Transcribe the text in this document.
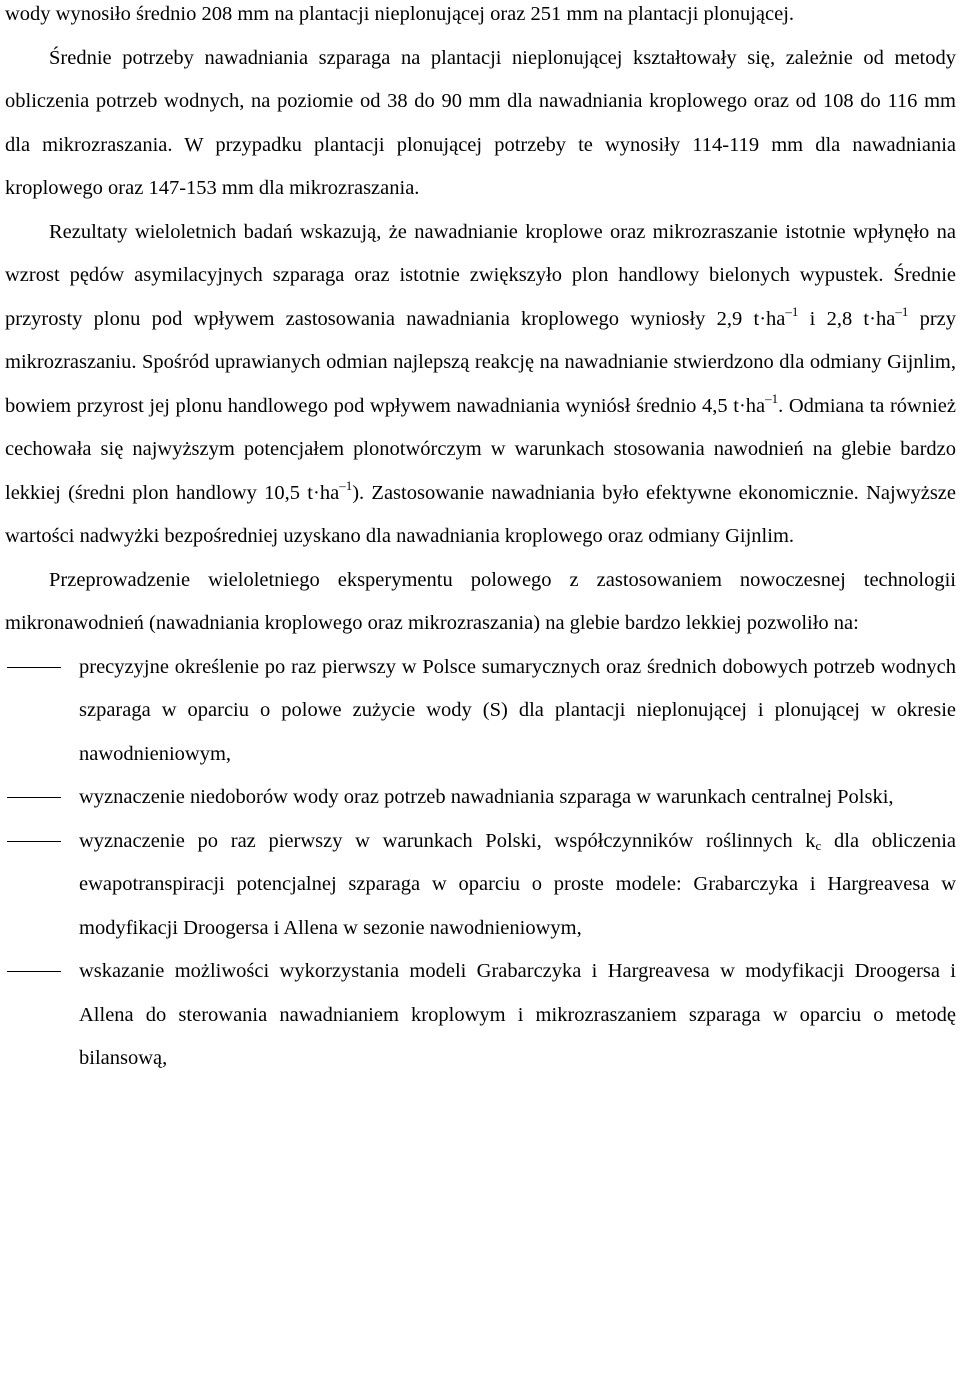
wody wynosiło średnio 208 mm na plantacji nieplonującej oraz 251 mm na plantacji plonującej.

Średnie potrzeby nawadniania szparaga na plantacji nieplonującej kształtowały się, zależnie od metody obliczenia potrzeb wodnych, na poziomie od 38 do 90 mm dla nawadniania kroplowego oraz od 108 do 116 mm dla mikrozraszania. W przypadku plantacji plonującej potrzeby te wynosiły 114-119 mm dla nawadniania kroplowego oraz 147-153 mm dla mikrozraszania.

Rezultaty wieloletnich badań wskazują, że nawadnianie kroplowe oraz mikrozraszanie istotnie wpłynęło na wzrost pędów asymilacyjnych szparaga oraz istotnie zwiększyło plon handlowy bielonych wypustek. Średnie przyrosty plonu pod wpływem zastosowania nawadniania kroplowego wyniosły 2,9 $t\cdot ha^{-1}$ i 2,8 $t\cdot ha^{-1}$ przy mikrozraszaniu. Spośród uprawianych odmian najlepszą reakcję na nawadnianie stwierdzono dla odmiany Gijnlim, bowiem przyrost jej plonu handlowego pod wpływem nawadniania wyniósł średnio 4,5 $t\cdot ha^{-1}$. Odmiana ta również cechowała się najwyższym potencjałem plonotwórczym w warunkach stosowania nawodnień na glebie bardzo lekkiej (średni plon handlowy 10,5 $t\cdot ha^{-1}$). Zastosowanie nawadniania było efektywne ekonomicznie. Najwyższe wartości nadwyżki bezpośredniej uzyskano dla nawadniania kroplowego oraz odmiany Gijnlim.

Przeprowadzenie wieloletniego eksperymentu polowego z zastosowaniem nowoczesnej technologii mikronawodnień (nawadniania kroplowego oraz mikrozraszania) na glebie bardzo lekkiej pozwoliło na:

precyzyjne określenie po raz pierwszy w Polsce sumarycznych oraz średnich dobowych potrzeb wodnych szparaga w oparciu o polowe zużycie wody (S) dla plantacji nieplonującej i plonującej w okresie nawodnieniowym,
wyznaczenie niedoborów wody oraz potrzeb nawadniania szparaga w warunkach centralnej Polski,
wyznaczenie po raz pierwszy w warunkach Polski, współczynników roślinnych $k_c$ dla obliczenia ewapotranspiracji potencjalnej szparaga w oparciu o proste modele: Grabarczyka i Hargreavesa w modyfikacji Droogersa i Allena w sezonie nawodnieniowym,
wskazanie możliwości wykorzystania modeli Grabarczyka i Hargreavesa w modyfikacji Droogersa i Allena do sterowania nawadnianiem kroplowym i mikrozraszaniem szparaga w oparciu o metodę bilansową,
